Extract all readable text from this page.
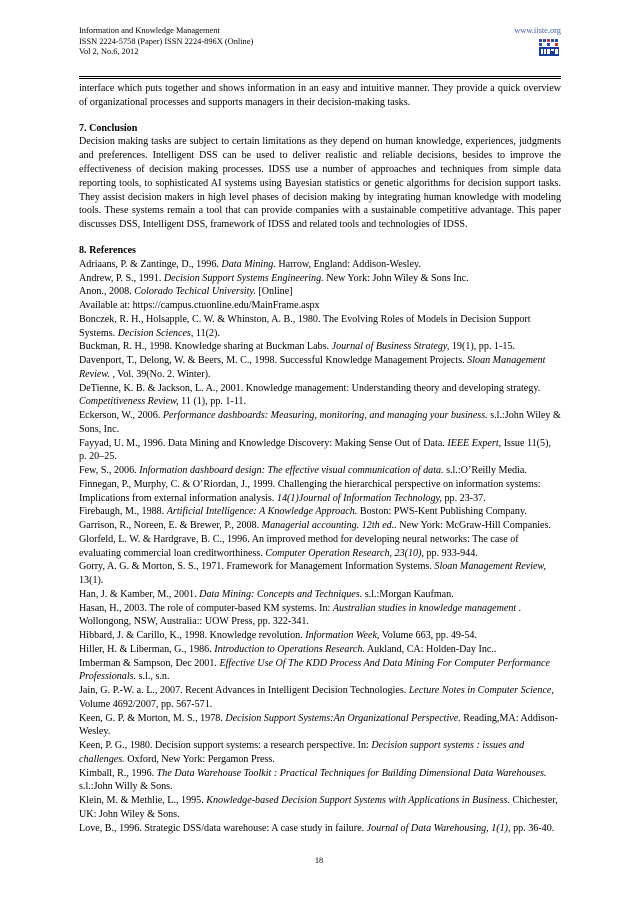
Information and Knowledge Management
ISSN 2224-5758 (Paper) ISSN 2224-896X (Online)
Vol 2, No.6, 2012
www.iiste.org

interface which puts together and shows information in an easy and intuitive manner. They provide a quick overview of organizational processes and supports managers in their decision-making tasks.

7. Conclusion

Decision making tasks are subject to certain limitations as they depend on human knowledge, experiences, judgments and preferences. Intelligent DSS can be used to deliver realistic and reliable decisions, besides to improve the effectiveness of decision making processes. IDSS use a number of approaches and techniques from simple data reporting tools, to sophisticated AI systems using Bayesian statistics or genetic algorithms for decision support tasks. They assist decision makers in high level phases of decision making by integrating human knowledge with modeling tools. These systems remain a tool that can provide companies with a sustainable competitive advantage. This paper discusses DSS, Intelligent DSS, framework of IDSS and related tools and technologies of IDSS.

8. References

Adriaans, P. & Zantinge, D., 1996. Data Mining. Harrow, England: Addison-Wesley.

Andrew, P. S., 1991. Decision Support Systems Engineering. New York: John Wiley & Sons Inc.

Anon., 2008. Colorado Techical University. [Online]

Available at: https://campus.ctuonline.edu/MainFrame.aspx

Bonczek, R. H., Holsapple, C. W. & Whinston, A. B., 1980. The Evolving Roles of Models in Decision Support Systems. Decision Sciences, 11(2).

Buckman, R. H., 1998. Knowledge sharing at Buckman Labs. Journal of Business Strategy, 19(1), pp. 1-15.

Davenport, T., Delong, W. & Beers, M. C., 1998. Successful Knowledge Management Projects. Sloan Management Review. , Vol. 39(No. 2. Winter).

DeTienne, K. B. & Jackson, L. A., 2001. Knowledge management: Understanding theory and developing strategy. Competitiveness Review, 11 (1), pp. 1-11.

Eckerson, W., 2006. Performance dashboards: Measuring, monitoring, and managing your business. s.l.:John Wiley & Sons, Inc.

Fayyad, U. M., 1996. Data Mining and Knowledge Discovery: Making Sense Out of Data. IEEE Expert, Issue 11(5), p. 20–25.

Few, S., 2006. Information dashboard design: The effective visual communication of data. s.l.:O’Reilly Media.

Finnegan, P., Murphy, C. & O’Riordan, J., 1999. Challenging the hierarchical perspective on information systems: Implications from external information analysis. 14(1)Journal of Information Technology, pp. 23-37.

Firebaugh, M., 1988. Artificial Intelligence: A Knowledge Approach. Boston: PWS-Kent Publishing Company.

Garrison, R., Noreen, E. & Brewer, P., 2008. Managerial accounting. 12th ed.. New York: McGraw-Hill Companies.

Glorfeld, L. W. & Hardgrave, B. C., 1996. An improved method for developing neural networks: The case of evaluating commercial loan creditworthiness. Computer Operation Research, 23(10), pp. 933-944.

Gorry, A. G. & Morton, S. S., 1971. Framework for Management Information Systems. Sloan Management Review, 13(1).

Han, J. & Kamber, M., 2001. Data Mining: Concepts and Techniques. s.l.:Morgan Kaufman.

Hasan, H., 2003. The role of computer-based KM systems. In: Australian studies in knowledge management . Wollongong, NSW, Australia:: UOW Press, pp. 322-341.

Hibbard, J. & Carillo, K., 1998. Knowledge revolution. Information Week, Volume 663, pp. 49-54.

Hiller, H. & Liberman, G., 1986. Introduction to Operations Research. Aukland, CA: Holden-Day Inc..

Imberman & Sampson, Dec 2001. Effective Use Of The KDD Process And Data Mining For Computer Performance Professionals. s.l., s.n.

Jain, G. P.-W. a. L., 2007. Recent Advances in Intelligent Decision Technologies. Lecture Notes in Computer Science, Volume 4692/2007, pp. 567-571.

Keen, G. P. & Morton, M. S., 1978. Decision Support Systems:An Organizational Perspective. Reading,MA: Addison-Wesley.

Keen, P. G., 1980. Decision support systems: a research perspective. In: Decision support systems : issues and challenges. Oxford, New York: Pergamon Press.

Kimball, R., 1996. The Data Warehouse Toolkit : Practical Techniques for Building Dimensional Data Warehouses. s.l.:John Willy & Sons.

Klein, M. & Methlie, L., 1995. Knowledge-based Decision Support Systems with Applications in Business. Chichester, UK: John Wiley & Sons.

Love, B., 1996. Strategic DSS/data warehouse: A case study in failure. Journal of Data Warehousing, 1(1), pp. 36-40.

18
